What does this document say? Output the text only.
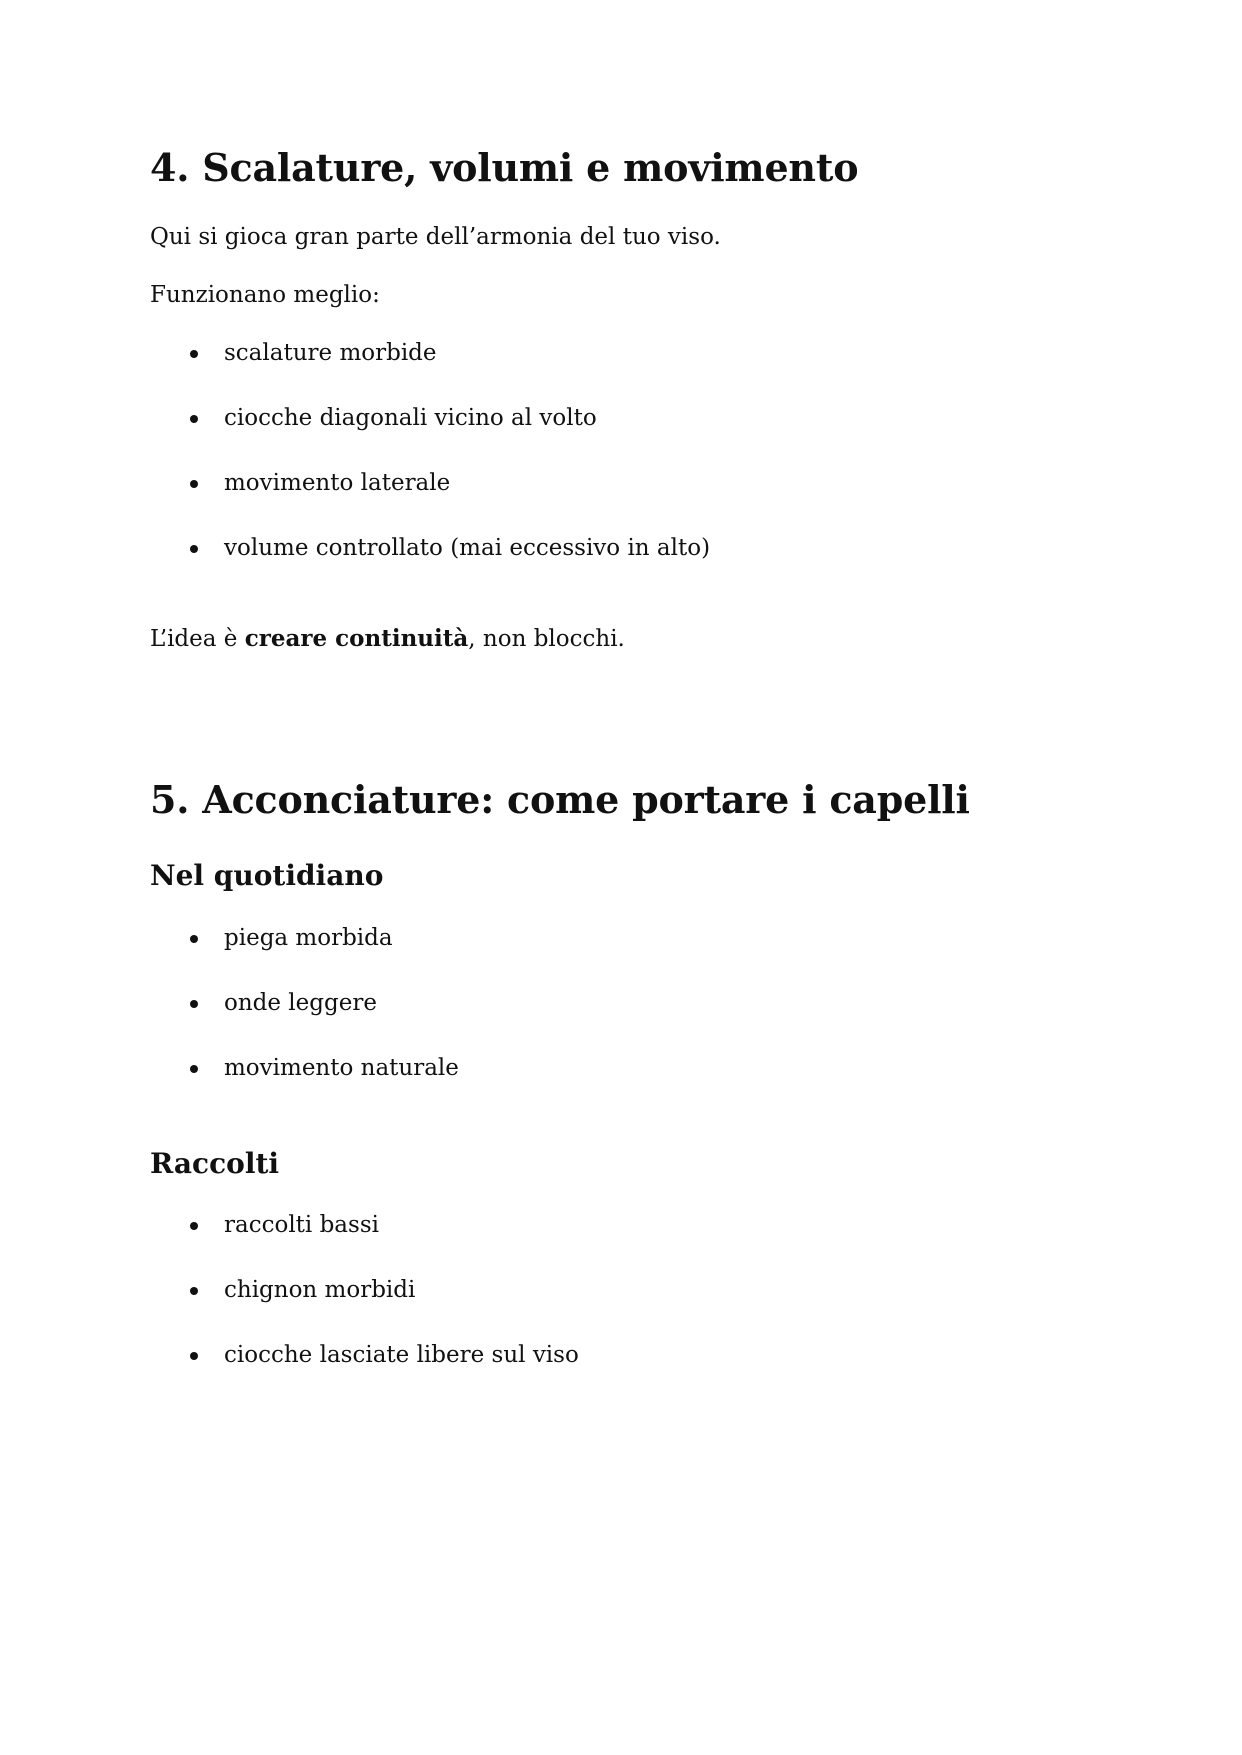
4. Scalature, volumi e movimento

Qui si gioca gran parte dell’armonia del tuo viso.

Funzionano meglio:

scalature morbide
ciocche diagonali vicino al volto
movimento laterale
volume controllato (mai eccessivo in alto)

L’idea è creare continuità, non blocchi.

5. Acconciature: come portare i capelli
Nel quotidiano
piega morbida
onde leggere
movimento naturale
Raccolti
raccolti bassi
chignon morbidi
ciocche lasciate libere sul viso
